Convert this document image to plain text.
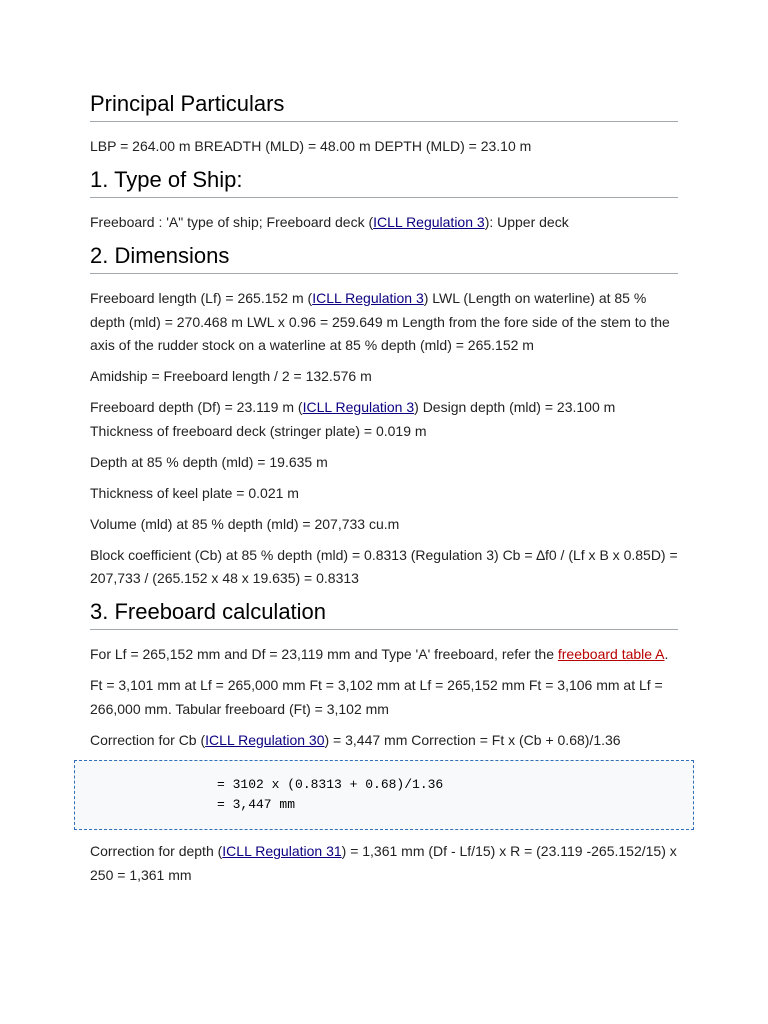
Principal Particulars

LBP = 264.00 m BREADTH (MLD) = 48.00 m DEPTH (MLD) = 23.10 m

1. Type of Ship:

Freeboard : 'A" type of ship; Freeboard deck (ICLL Regulation 3): Upper deck

2. Dimensions

Freeboard length (Lf) = 265.152 m (ICLL Regulation 3) LWL (Length on waterline) at 85 % depth (mld) = 270.468 m LWL x 0.96 = 259.649 m Length from the fore side of the stem to the axis of the rudder stock on a waterline at 85 % depth (mld) = 265.152 m

Amidship = Freeboard length / 2 = 132.576 m

Freeboard depth (Df) = 23.119 m (ICLL Regulation 3) Design depth (mld) = 23.100 m Thickness of freeboard deck (stringer plate) = 0.019 m

Depth at 85 % depth (mld) = 19.635 m

Thickness of keel plate = 0.021 m

Volume (mld) at 85 % depth (mld) = 207,733 cu.m

Block coefficient (Cb) at 85 % depth (mld) = 0.8313 (Regulation 3) Cb = ∆f0 / (Lf x B x 0.85D) = 207,733 / (265.152 x 48 x 19.635) = 0.8313

3. Freeboard calculation

For Lf = 265,152 mm and Df = 23,119 mm and Type 'A' freeboard, refer the freeboard table A.

Ft = 3,101 mm at Lf = 265,000 mm Ft = 3,102 mm at Lf = 265,152 mm Ft = 3,106 mm at Lf = 266,000 mm. Tabular freeboard (Ft) = 3,102 mm

Correction for Cb (ICLL Regulation 30) = 3,447 mm Correction = Ft x (Cb + 0.68)/1.36

= 3102 x (0.8313 + 0.68)/1.36
= 3,447 mm

Correction for depth (ICLL Regulation 31) = 1,361 mm (Df - Lf/15) x R = (23.119 -265.152/15) x 250 = 1,361 mm
